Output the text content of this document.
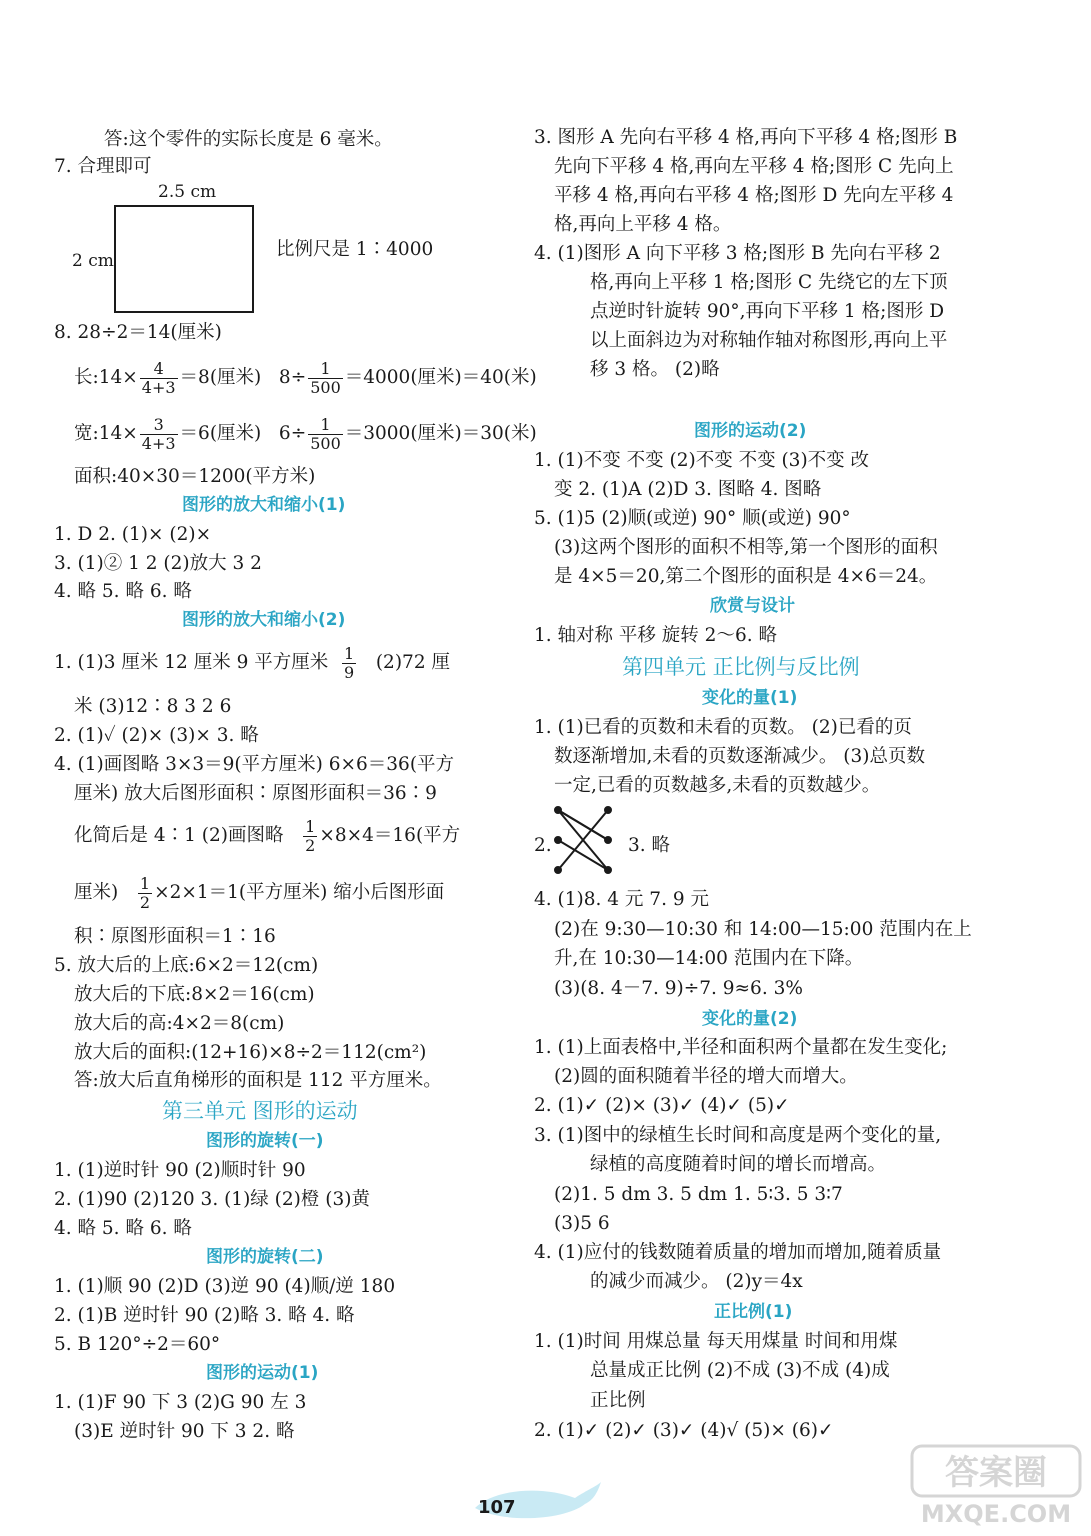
答:这个零件的实际长度是 6 毫米。
7. 合理即可
2.5 cm
2 cm
比例尺是 1∶4000
8. 28÷2＝14(厘米)
长:14× $\frac{4}{4+3} =8$(厘米) $8\div \frac{1}{500} =4000$(厘米)＝40(米)
宽:14× $\frac{3}{4+3} =6$(厘米) $6\div \frac{1}{500} =3000$(厘米)＝30(米)
面积:40×30＝1200(平方米)
图形的放大和缩小(1)
1. D 2. (1)× (2)×
3. (1)② 1 2 (2)放大 3 2
4. 略 5. 略 6. 略
图形的放大和缩小(2)
1. (1)3 厘米 12 厘米 9 平方厘米 $\frac{1}{9} (2)72$ 厘
米 (3)12∶8 3 2 6
2. (1)✓ (2)× (3)× 3. 略
4. (1)画图略 3×3＝9(平方厘米) 6×6＝36(平方
厘米) 放大后图形面积∶原图形面积＝36∶9
化简后是 4∶1 (2)画图略 $\frac{1}{2} \times 8\times 4=16$(平方
厘米) $\frac{1}{2} \times 2\times 1=1$(平方厘米) 缩小后图形面
积∶原图形面积＝1∶16
5. 放大后的上底:6×2＝12(cm)
放大后的下底:8×2＝16(cm)
放大后的高:4×2＝8(cm)
放大后的面积:(12+16)×8÷2＝112(cm²)
答:放大后直角梯形的面积是 112 平方厘米。
第三单元 图形的运动
图形的旋转(一)
1. (1)逆时针 90 (2)顺时针 90
2. (1)90 (2)120 3. (1)绿 (2)橙 (3)黄
4. 略 5. 略 6. 略
图形的旋转(二)
1. (1)顺 90 (2)D (3)逆 90 (4)顺/逆 180
2. (1)B 逆时针 90 (2)略 3. 略 4. 略
5. B 120°÷2＝60°
图形的运动(1)
1. (1)F 90 下 3 (2)G 90 左 3
(3)E 逆时针 90 下 3 2. 略
3. 图形 A 先向右平移 4 格,再向下平移 4 格;图形 B
先向下平移 4 格,再向左平移 4 格;图形 C 先向上
平移 4 格,再向右平移 4 格;图形 D 先向左平移 4
格,再向上平移 4 格。
4. (1)图形 A 向下平移 3 格;图形 B 先向右平移 2
格,再向上平移 1 格;图形 C 先绕它的左下顶
点逆时针旋转 90°,再向下平移 1 格;图形 D
以上面斜边为对称轴作轴对称图形,再向上平
移 3 格。 (2)略
图形的运动(2)
1. (1)不变 不变 (2)不变 不变 (3)不变 改
变 2. (1)A (2)D 3. 图略 4. 图略
5. (1)5 (2)顺(或逆) 90° 顺(或逆) 90°
(3)这两个图形的面积不相等,第一个图形的面积
是 4×5＝20,第二个图形的面积是 4×6＝24。
欣赏与设计
1. 轴对称 平移 旋转 2～6. 略
第四单元 正比例与反比例
变化的量(1)
1. (1)已看的页数和未看的页数。 (2)已看的页
数逐渐增加,未看的页数逐渐减少。 (3)总页数
一定,已看的页数越多,未看的页数越少。
2.	3. 略
4. (1)8. 4 元 7. 9 元
(2)在 9:30—10:30 和 14:00—15:00 范围内在上
升,在 10:30—14:00 范围内在下降。
(3)(8. 4－7. 9)÷7. 9≈6. 3%
变化的量(2)
1. (1)上面表格中,半径和面积两个量都在发生变化;
(2)圆的面积随着半径的增大而增大。
2. (1)✓ (2)× (3)✓ (4)✓ (5)✓
3. (1)图中的绿植生长时间和高度是两个变化的量,
绿植的高度随着时间的增长而增高。
(2)1. 5 dm 3. 5 dm 1. 5∶3. 5 3∶7
(3)5 6
4. (1)应付的钱数随着质量的增加而增加,随着质量
的减少而减少。 (2)y＝4x
正比例(1)
1. (1)时间 用煤总量 每天用煤量 时间和用煤
总量成正比例 (2)不成 (3)不成 (4)成
正比例
2. (1)✓ (2)✓ (3)✓ (4)√ (5)× (6)✓
107
答案圈
MXQE.COM
